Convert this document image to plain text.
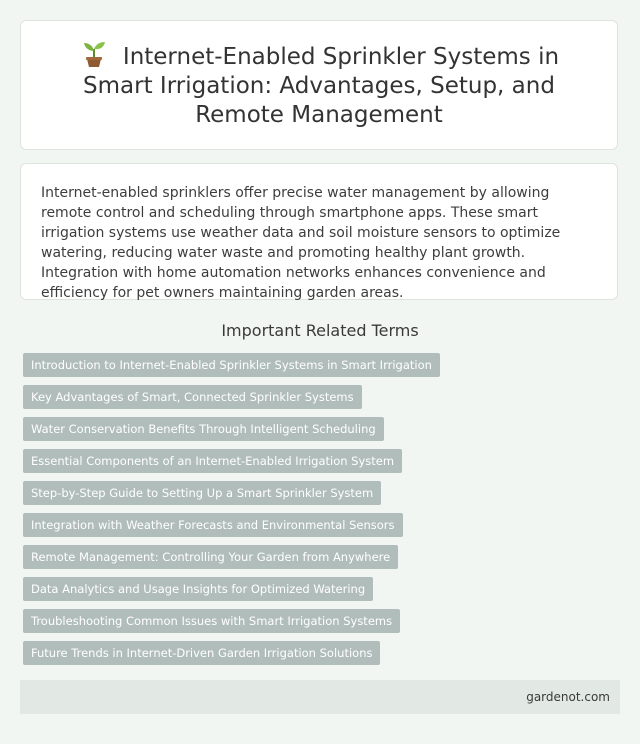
Internet-Enabled Sprinkler Systems in Smart Irrigation: Advantages, Setup, and Remote Management
Internet-enabled sprinklers offer precise water management by allowing remote control and scheduling through smartphone apps. These smart irrigation systems use weather data and soil moisture sensors to optimize watering, reducing water waste and promoting healthy plant growth. Integration with home automation networks enhances convenience and efficiency for pet owners maintaining garden areas.
Important Related Terms
Introduction to Internet-Enabled Sprinkler Systems in Smart Irrigation
Key Advantages of Smart, Connected Sprinkler Systems
Water Conservation Benefits Through Intelligent Scheduling
Essential Components of an Internet-Enabled Irrigation System
Step-by-Step Guide to Setting Up a Smart Sprinkler System
Integration with Weather Forecasts and Environmental Sensors
Remote Management: Controlling Your Garden from Anywhere
Data Analytics and Usage Insights for Optimized Watering
Troubleshooting Common Issues with Smart Irrigation Systems
Future Trends in Internet-Driven Garden Irrigation Solutions
gardenot.com
